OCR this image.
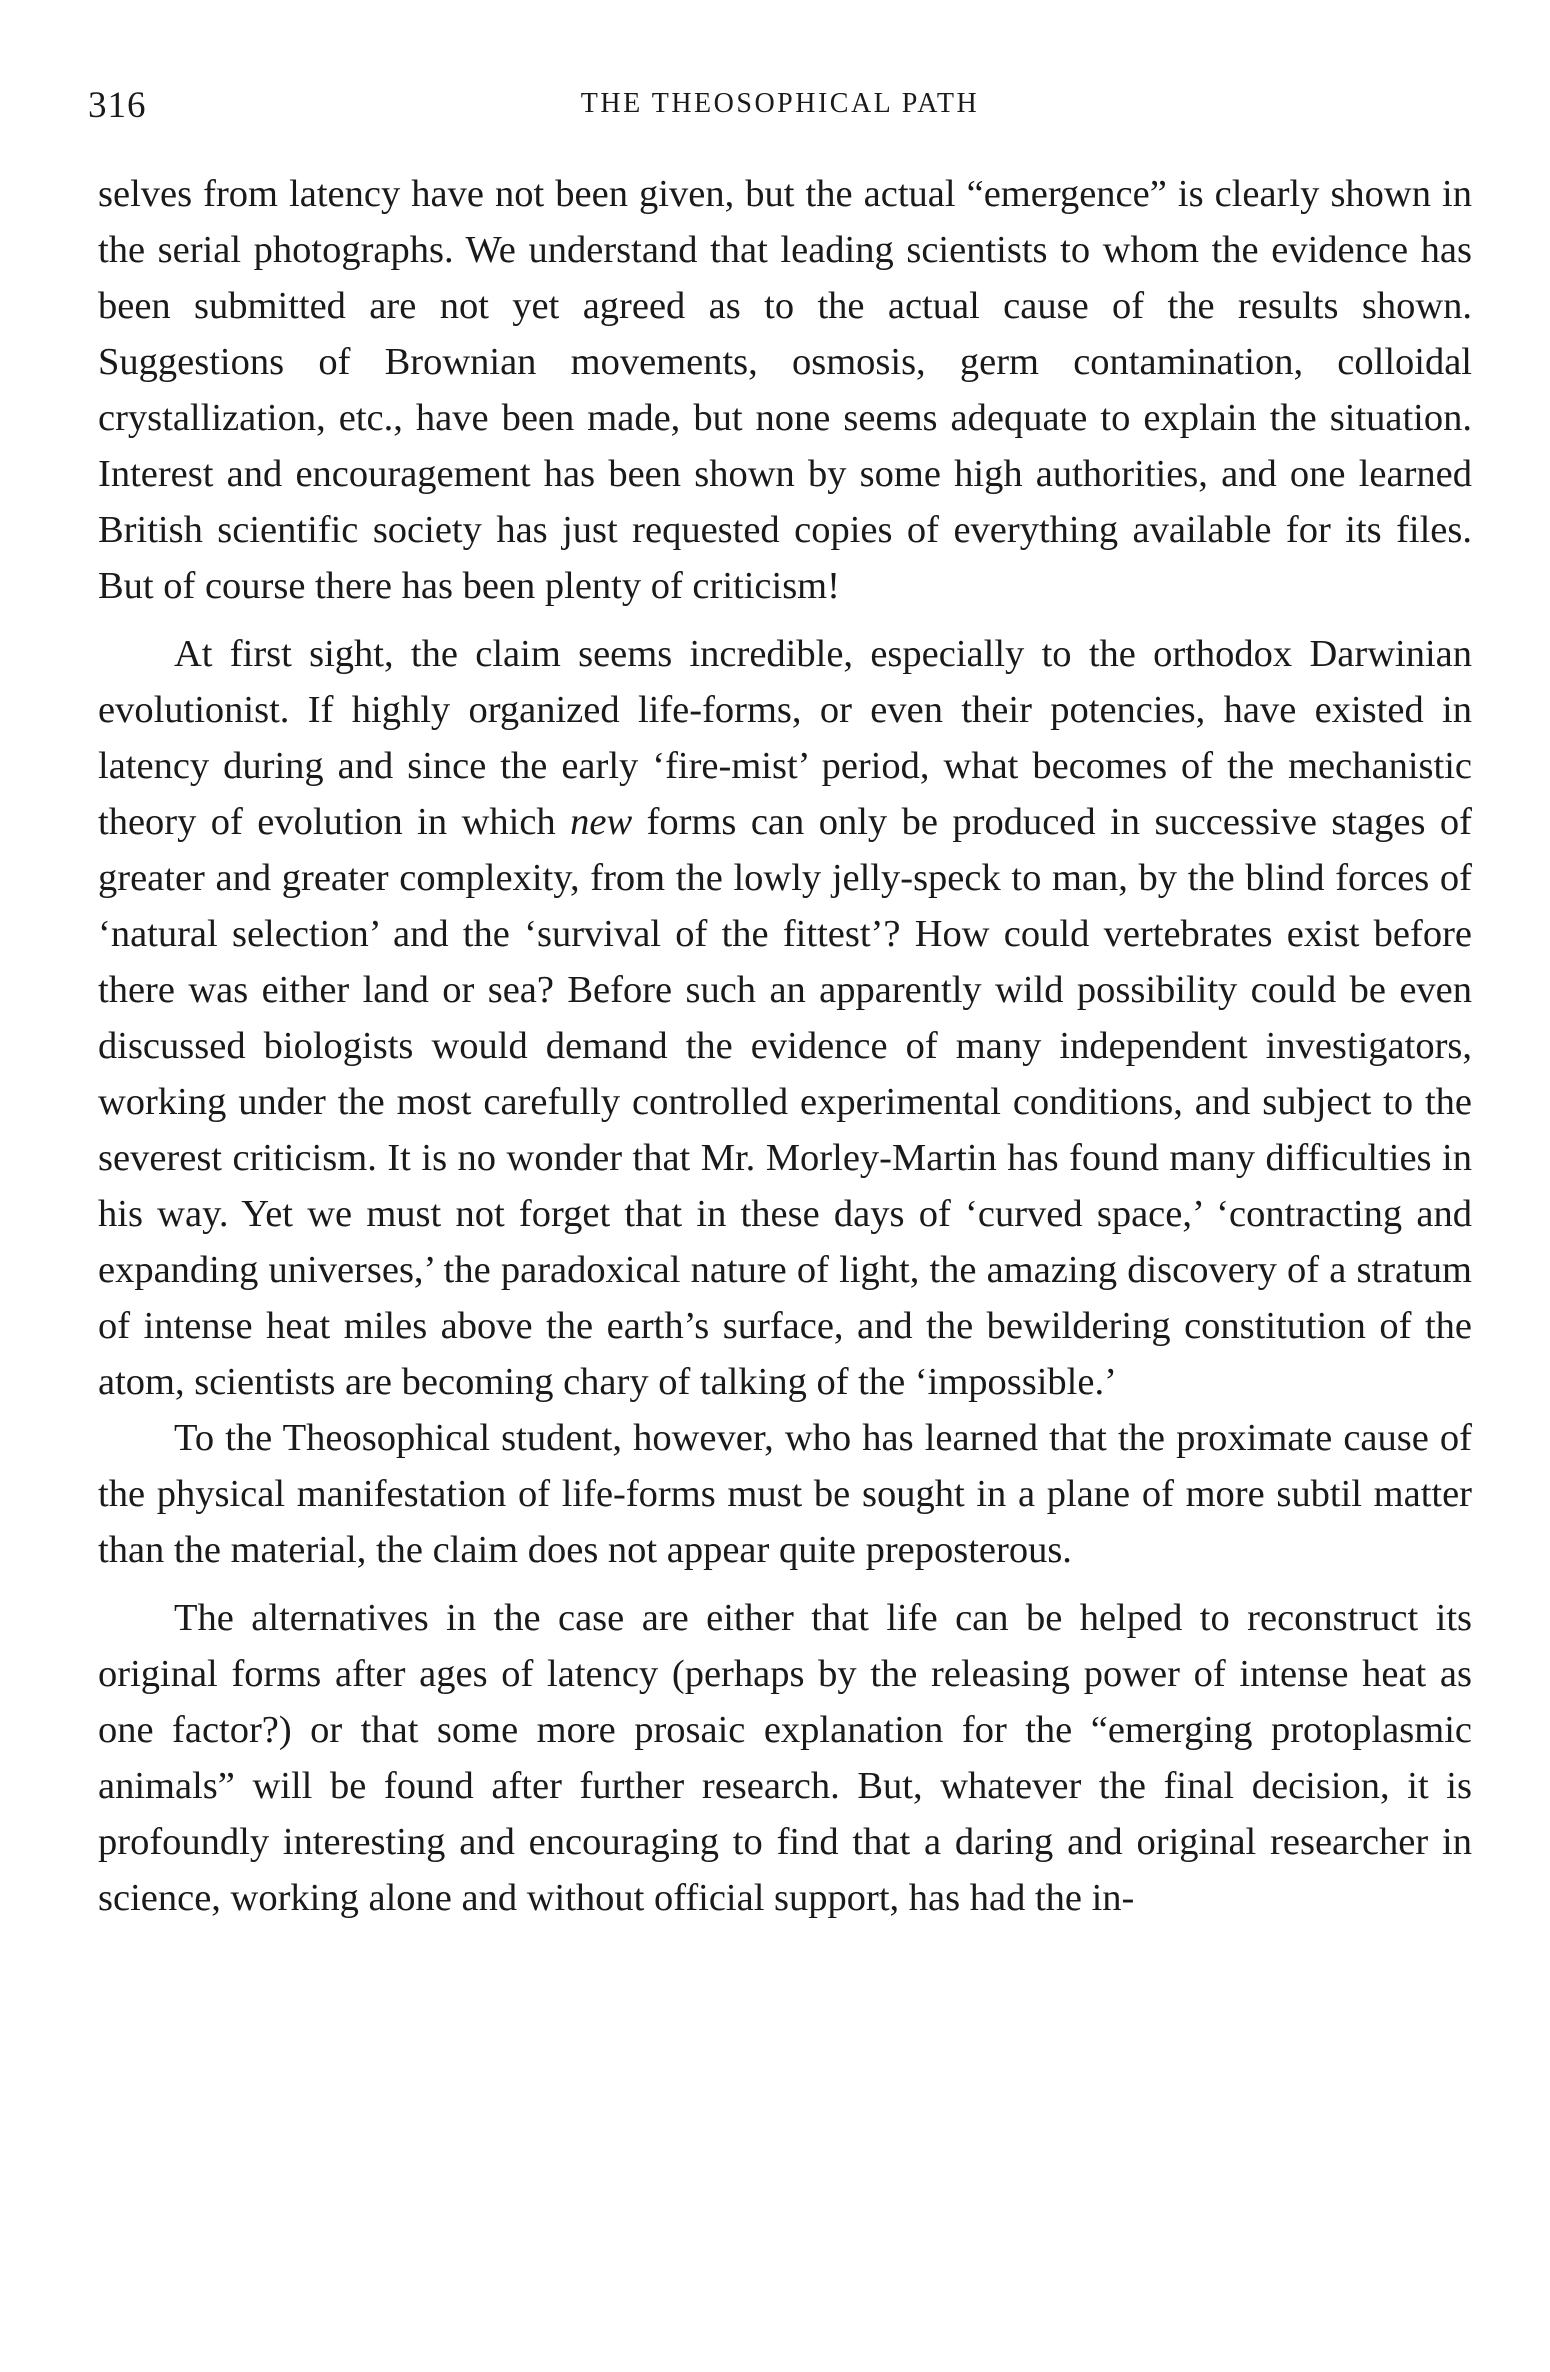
316	THE THEOSOPHICAL PATH

selves from latency have not been given, but the actual “emergence” is clearly shown in the serial photographs. We understand that leading scientists to whom the evidence has been submitted are not yet agreed as to the actual cause of the results shown. Suggestions of Brownian movements, osmosis, germ contamination, colloidal crystallization, etc., have been made, but none seems adequate to explain the situation. Interest and encouragement has been shown by some high authorities, and one learned British scientific society has just requested copies of everything available for its files. But of course there has been plenty of criticism!

At first sight, the claim seems incredible, especially to the orthodox Darwinian evolutionist. If highly organized life-forms, or even their potencies, have existed in latency during and since the early ‘fire-mist’ period, what becomes of the mechanistic theory of evolution in which new forms can only be produced in successive stages of greater and greater complexity, from the lowly jelly-speck to man, by the blind forces of ‘natural selection’ and the ‘survival of the fittest’? How could vertebrates exist before there was either land or sea? Before such an apparently wild possibility could be even discussed biologists would demand the evidence of many independent investigators, working under the most carefully controlled experimental conditions, and subject to the severest criticism. It is no wonder that Mr. Morley-Martin has found many difficulties in his way. Yet we must not forget that in these days of ‘curved space,’ ‘contracting and expanding universes,’ the paradoxical nature of light, the amazing discovery of a stratum of intense heat miles above the earth’s surface, and the bewildering constitution of the atom, scientists are becoming chary of talking of the ‘impossible.’

To the Theosophical student, however, who has learned that the proximate cause of the physical manifestation of life-forms must be sought in a plane of more subtil matter than the material, the claim does not appear quite preposterous.

The alternatives in the case are either that life can be helped to reconstruct its original forms after ages of latency (perhaps by the releasing power of intense heat as one factor?) or that some more prosaic explanation for the “emerging protoplasmic animals” will be found after further research. But, whatever the final decision, it is profoundly interesting and encouraging to find that a daring and original researcher in science, working alone and without official support, has had the in-
